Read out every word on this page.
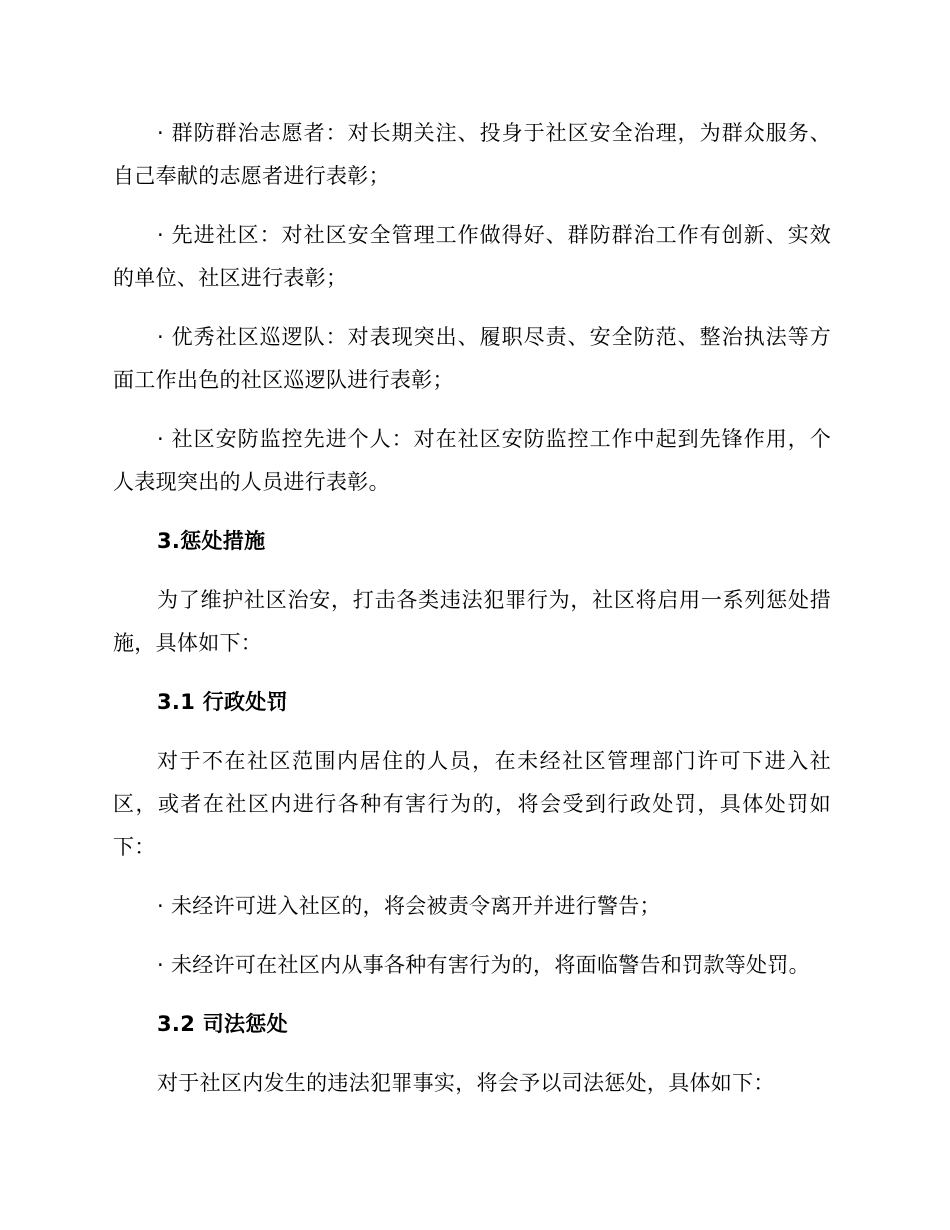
· 群防群治志愿者：对长期关注、投身于社区安全治理，为群众服务、自己奉献的志愿者进行表彰；

· 先进社区：对社区安全管理工作做得好、群防群治工作有创新、实效的单位、社区进行表彰；

· 优秀社区巡逻队：对表现突出、履职尽责、安全防范、整治执法等方面工作出色的社区巡逻队进行表彰；

· 社区安防监控先进个人：对在社区安防监控工作中起到先锋作用，个人表现突出的人员进行表彰。

3.惩处措施

为了维护社区治安，打击各类违法犯罪行为，社区将启用一系列惩处措施，具体如下：

3.1 行政处罚

对于不在社区范围内居住的人员，在未经社区管理部门许可下进入社区，或者在社区内进行各种有害行为的，将会受到行政处罚，具体处罚如下：

· 未经许可进入社区的，将会被责令离开并进行警告；

· 未经许可在社区内从事各种有害行为的，将面临警告和罚款等处罚。

3.2 司法惩处

对于社区内发生的违法犯罪事实，将会予以司法惩处，具体如下：
